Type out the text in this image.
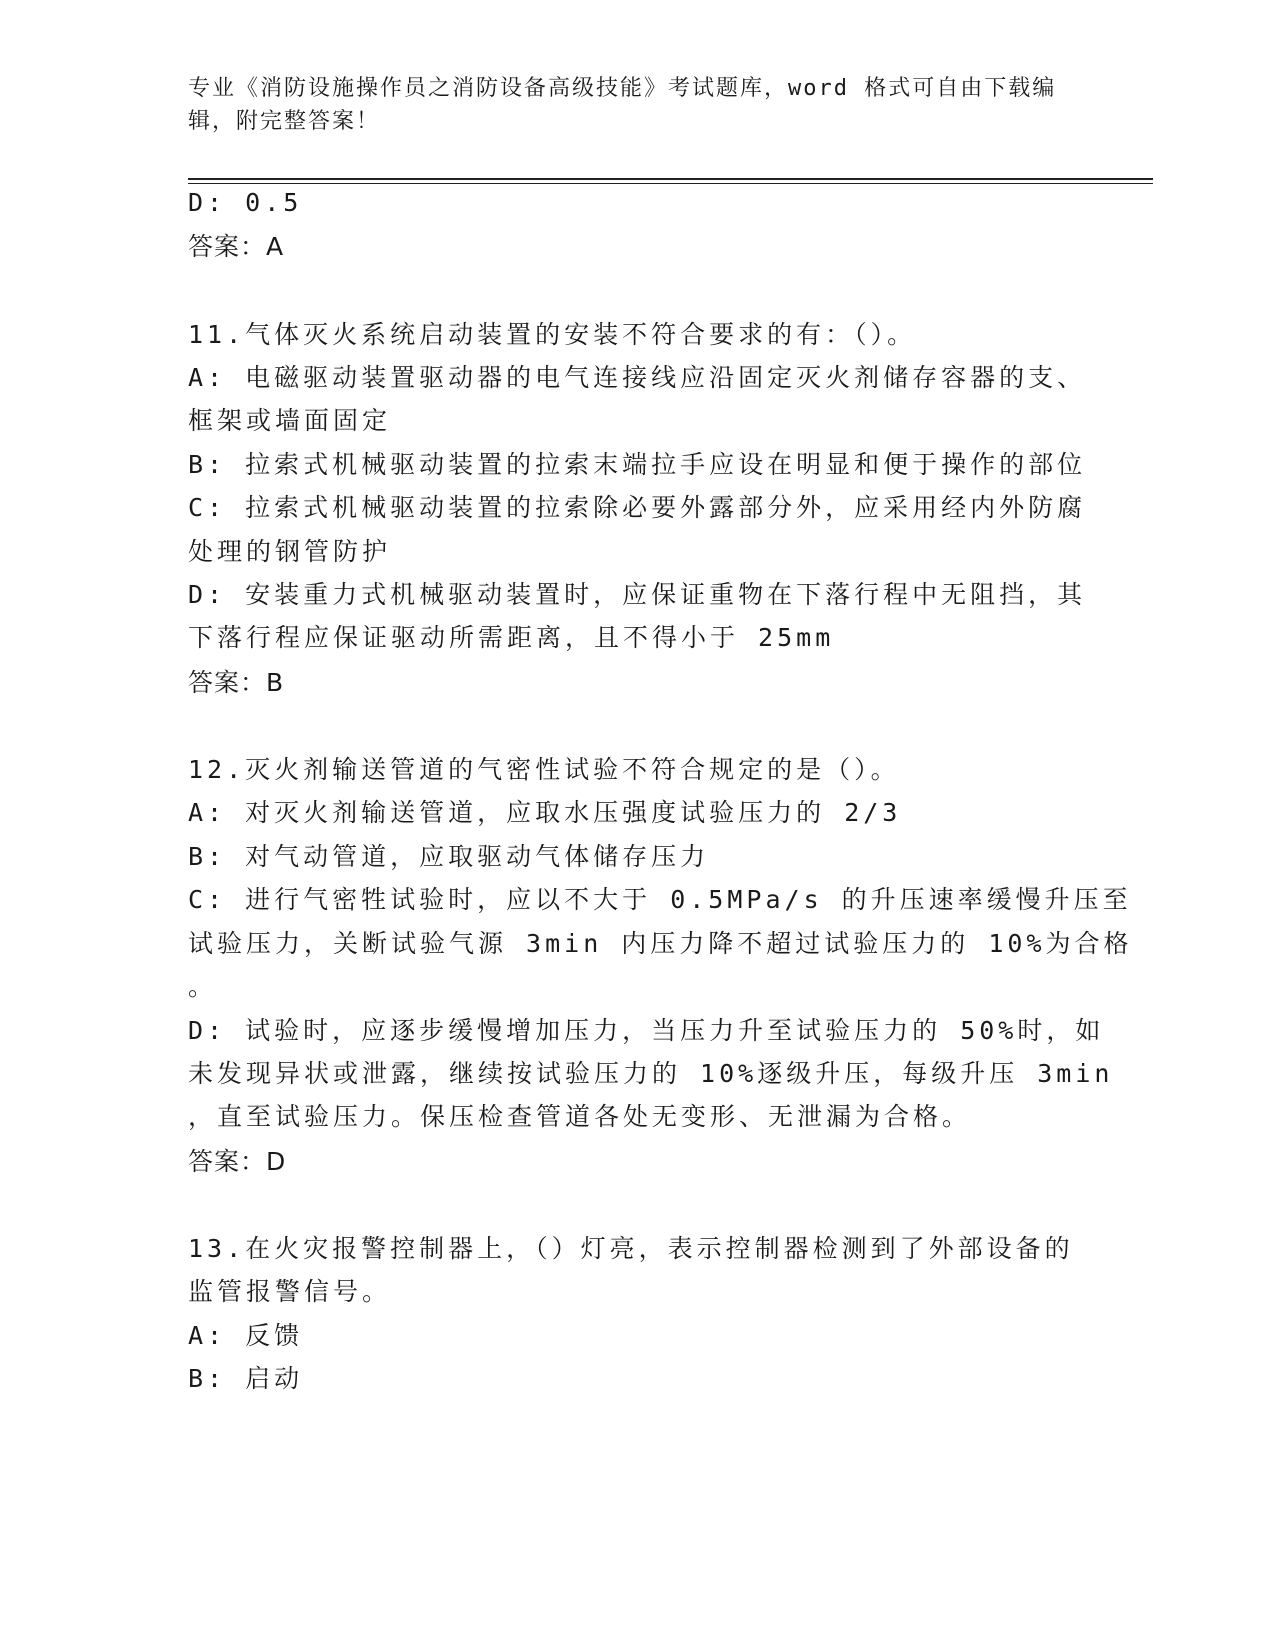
专业《消防设施操作员之消防设备高级技能》考试题库，word 格式可自由下载编
辑，附完整答案！
D: 0.5
答案：A
11.气体灭火系统启动装置的安装不符合要求的有：（）。
A: 电磁驱动装置驱动器的电气连接线应沿固定灭火剂储存容器的支、
框架或墙面固定
B: 拉索式机械驱动装置的拉索末端拉手应设在明显和便于操作的部位
C: 拉索式机械驱动装置的拉索除必要外露部分外，应采用经内外防腐
处理的钢管防护
D: 安装重力式机械驱动装置时，应保证重物在下落行程中无阻挡，其
下落行程应保证驱动所需距离，且不得小于 25mm
答案：B
12.灭火剂输送管道的气密性试验不符合规定的是（）。
A: 对灭火剂输送管道，应取水压强度试验压力的 2/3
B: 对气动管道，应取驱动气体储存压力
C: 进行气密牲试验时，应以不大于 0.5MPa/s 的升压速率缓慢升压至
试验压力，关断试验气源 3min 内压力降不超过试验压力的 10%为合格
。
D: 试验时，应逐步缓慢增加压力，当压力升至试验压力的 50%时，如
未发现异状或泄露，继续按试验压力的 10%逐级升压，每级升压 3min
，直至试验压力。保压检查管道各处无变形、无泄漏为合格。
答案：D
13.在火灾报警控制器上，（）灯亮，表示控制器检测到了外部设备的
监管报警信号。
A: 反馈
B: 启动
